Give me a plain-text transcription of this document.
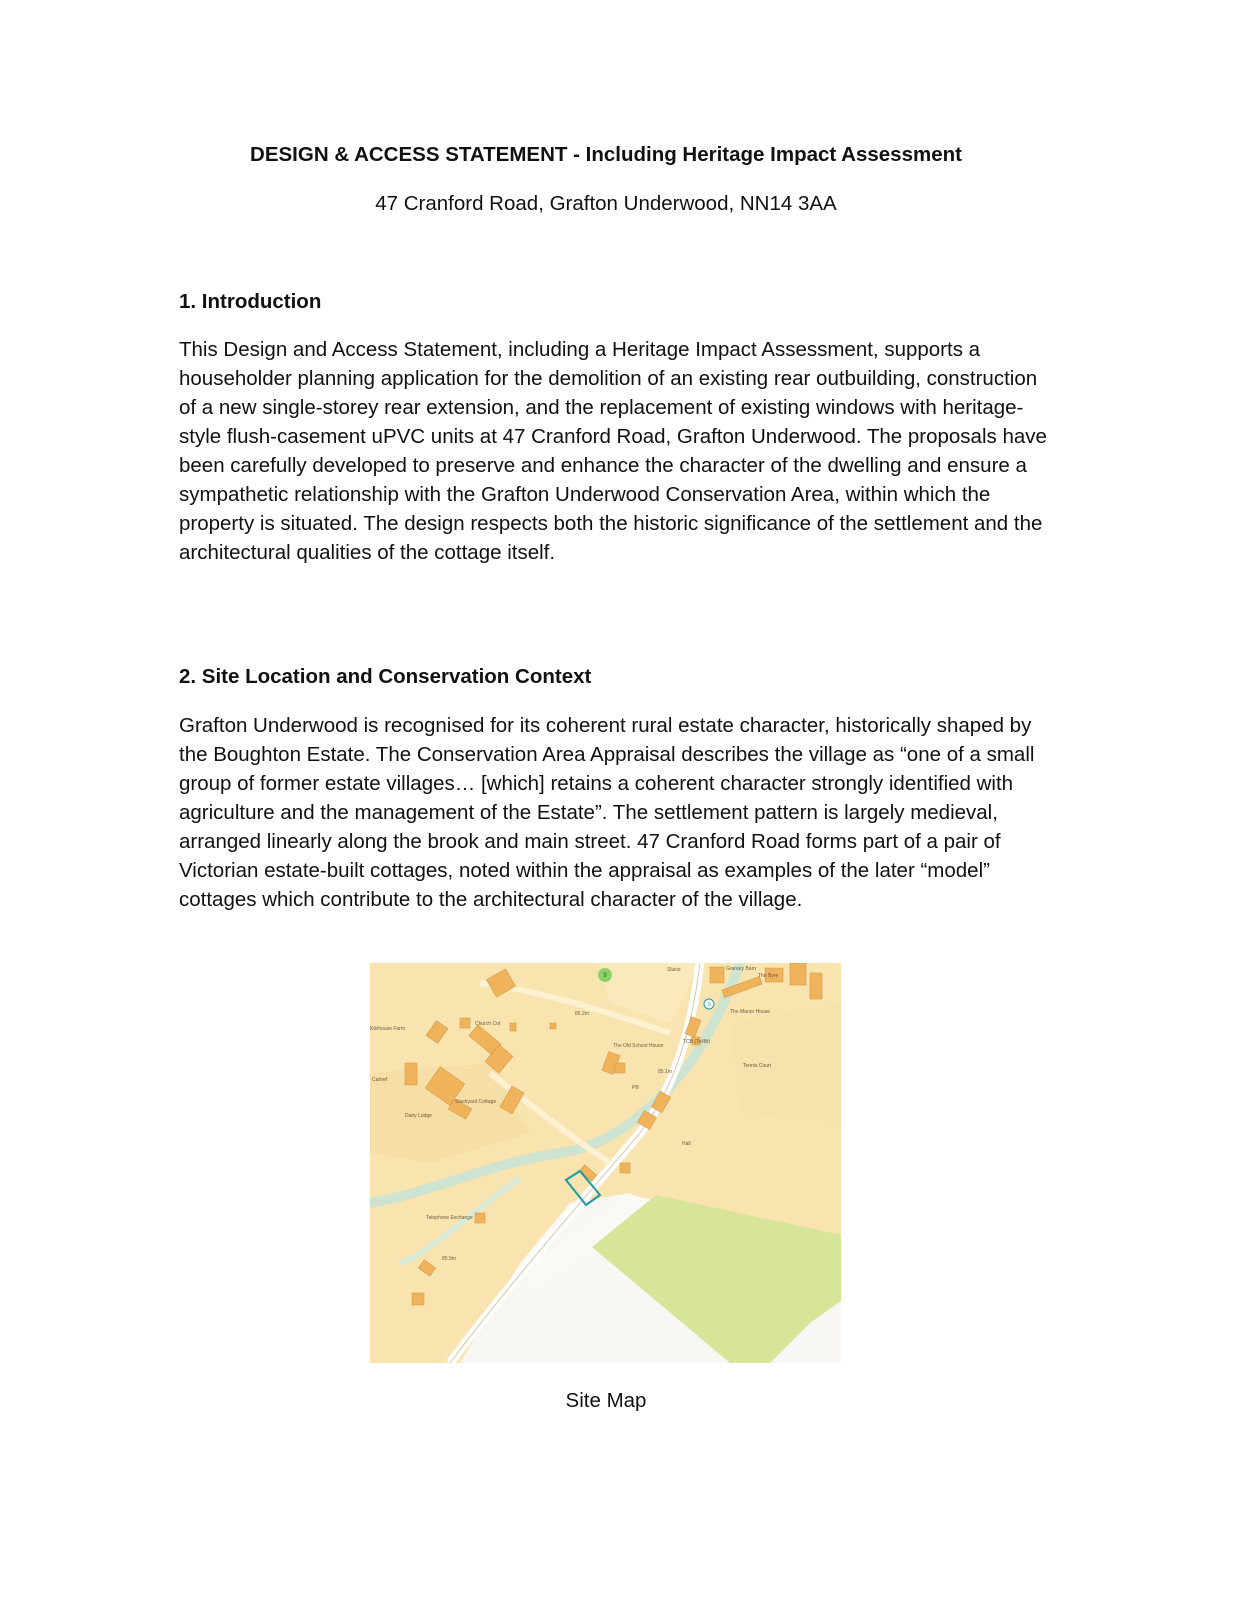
DESIGN & ACCESS STATEMENT - Including Heritage Impact Assessment

47 Cranford Road, Grafton Underwood, NN14 3AA

1. Introduction

This Design and Access Statement, including a Heritage Impact Assessment, supports a householder planning application for the demolition of an existing rear outbuilding, construction of a new single-storey rear extension, and the replacement of existing windows with heritage-style flush-casement uPVC units at 47 Cranford Road, Grafton Underwood. The proposals have been carefully developed to preserve and enhance the character of the dwelling and ensure a sympathetic relationship with the Grafton Underwood Conservation Area, within which the property is situated. The design respects both the historic significance of the settlement and the architectural qualities of the cottage itself.

2. Site Location and Conservation Context

Grafton Underwood is recognised for its coherent rural estate character, historically shaped by the Boughton Estate. The Conservation Area Appraisal describes the village as “one of a small group of former estate villages… [which] retains a coherent character strongly identified with agriculture and the management of the Estate”. The settlement pattern is largely medieval, arranged linearly along the brook and main street. 47 Cranford Road forms part of a pair of Victorian estate-built cottages, noted within the appraisal as examples of the later “model” cottages which contribute to the architectural character of the village.

9
S
Sluice	Granary Barn
The Byre
The Manor House
Kilnhouse Farm
Church Cot
The Old School House
TCB (Tel/Bt)
Tennis Court
Cartref
Dairy Lodge
Stackyard Cottage
PB
Hall
Telephone Exchange
85.2m
85.1m
85.9m

Site Map
